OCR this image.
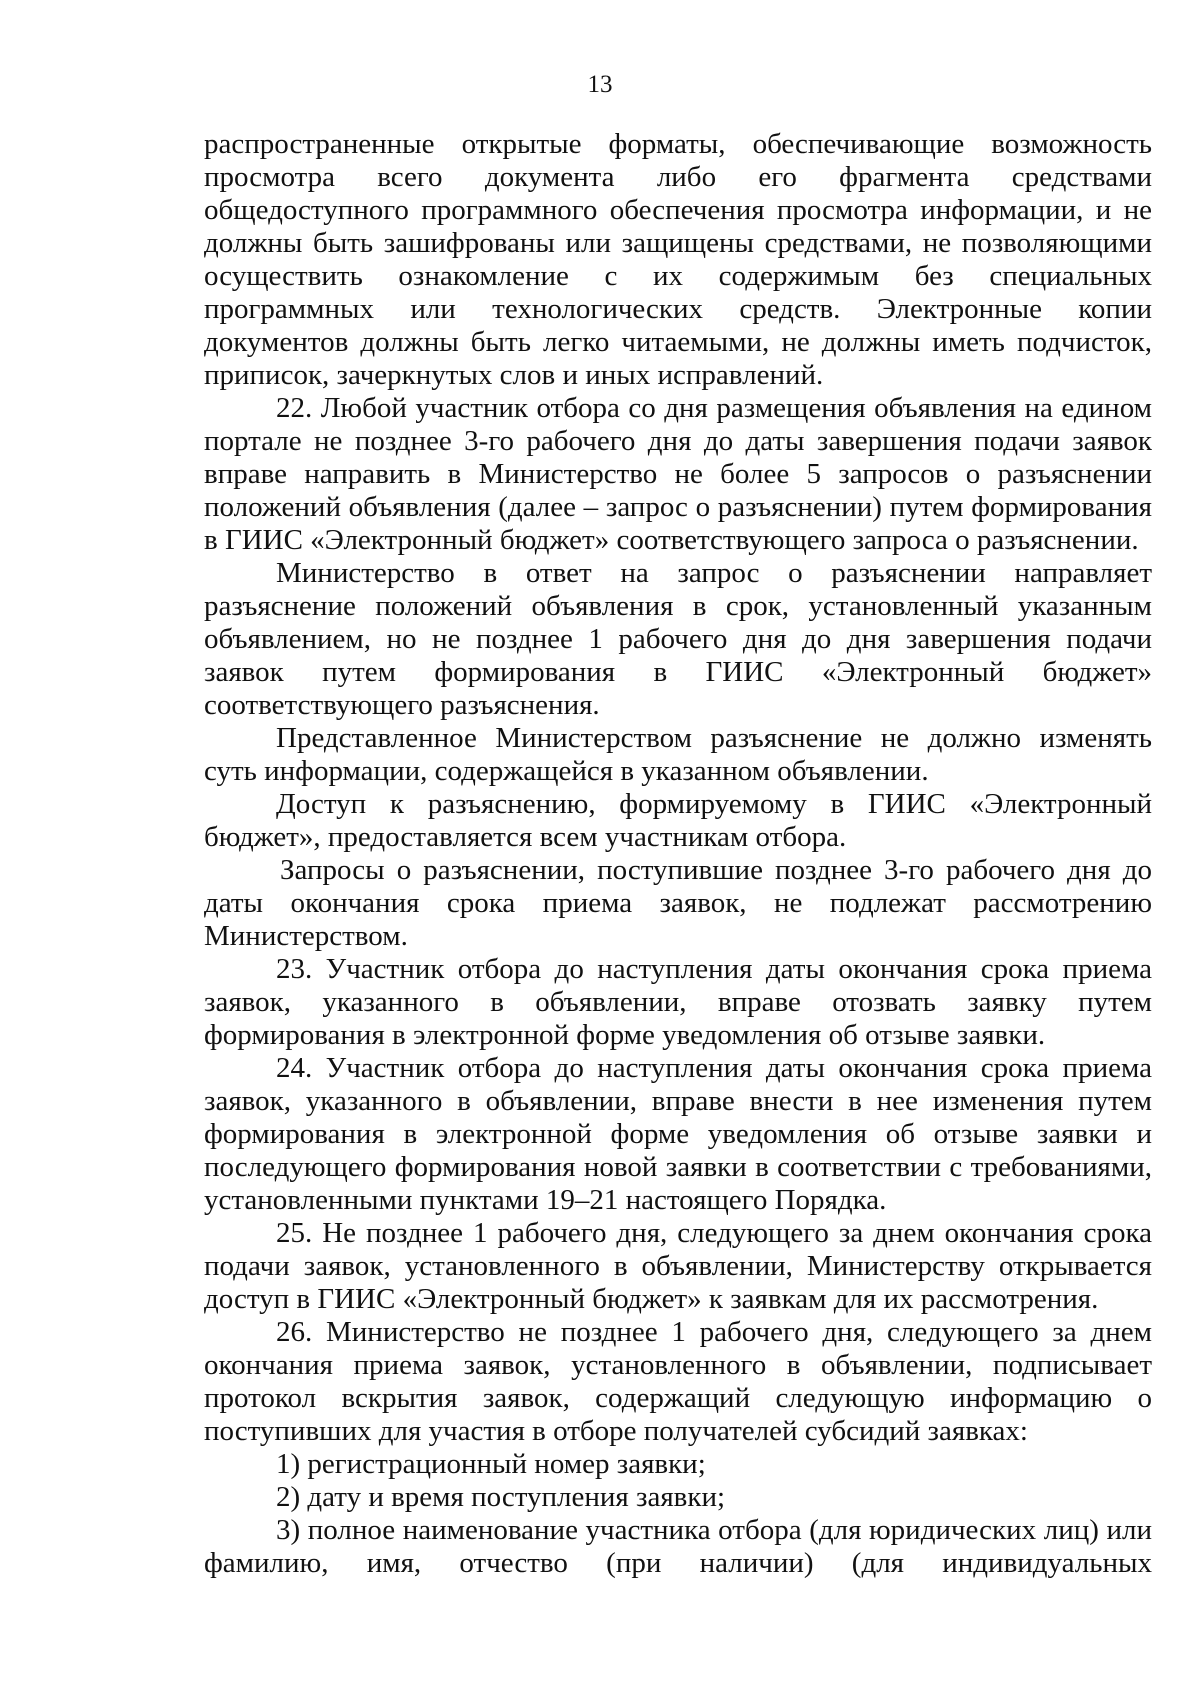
13

распространенные открытые форматы, обеспечивающие возможность просмотра всего документа либо его фрагмента средствами общедоступного программного обеспечения просмотра информации, и не должны быть зашифрованы или защищены средствами, не позволяющими осуществить ознакомление с их содержимым без специальных программных или технологических средств. Электронные копии документов должны быть легко читаемыми, не должны иметь подчисток, приписок, зачеркнутых слов и иных исправлений.

22. Любой участник отбора со дня размещения объявления на едином портале не позднее 3-го рабочего дня до даты завершения подачи заявок вправе направить в Министерство не более 5 запросов о разъяснении положений объявления (далее – запрос о разъяснении) путем формирования в ГИИС «Электронный бюджет» соответствующего запроса о разъяснении.

Министерство в ответ на запрос о разъяснении направляет разъяснение положений объявления в срок, установленный указанным объявлением, но не позднее 1 рабочего дня до дня завершения подачи заявок путем формирования в ГИИС «Электронный бюджет» соответствующего разъяснения.

Представленное Министерством разъяснение не должно изменять суть информации, содержащейся в указанном объявлении.

Доступ к разъяснению, формируемому в ГИИС «Электронный бюджет», предоставляется всем участникам отбора.

Запросы о разъяснении, поступившие позднее 3-го рабочего дня до даты окончания срока приема заявок, не подлежат рассмотрению Министерством.

23. Участник отбора до наступления даты окончания срока приема заявок, указанного в объявлении, вправе отозвать заявку путем формирования в электронной форме уведомления об отзыве заявки.

24. Участник отбора до наступления даты окончания срока приема заявок, указанного в объявлении, вправе внести в нее изменения путем формирования в электронной форме уведомления об отзыве заявки и последующего формирования новой заявки в соответствии с требованиями, установленными пунктами 19–21 настоящего Порядка.

25. Не позднее 1 рабочего дня, следующего за днем окончания срока подачи заявок, установленного в объявлении, Министерству открывается доступ в ГИИС «Электронный бюджет» к заявкам для их рассмотрения.

26. Министерство не позднее 1 рабочего дня, следующего за днем окончания приема заявок, установленного в объявлении, подписывает протокол вскрытия заявок, содержащий следующую информацию о поступивших для участия в отборе получателей субсидий заявках:

1) регистрационный номер заявки;

2) дату и время поступления заявки;

3) полное наименование участника отбора (для юридических лиц) или фамилию, имя, отчество (при наличии) (для индивидуальных
